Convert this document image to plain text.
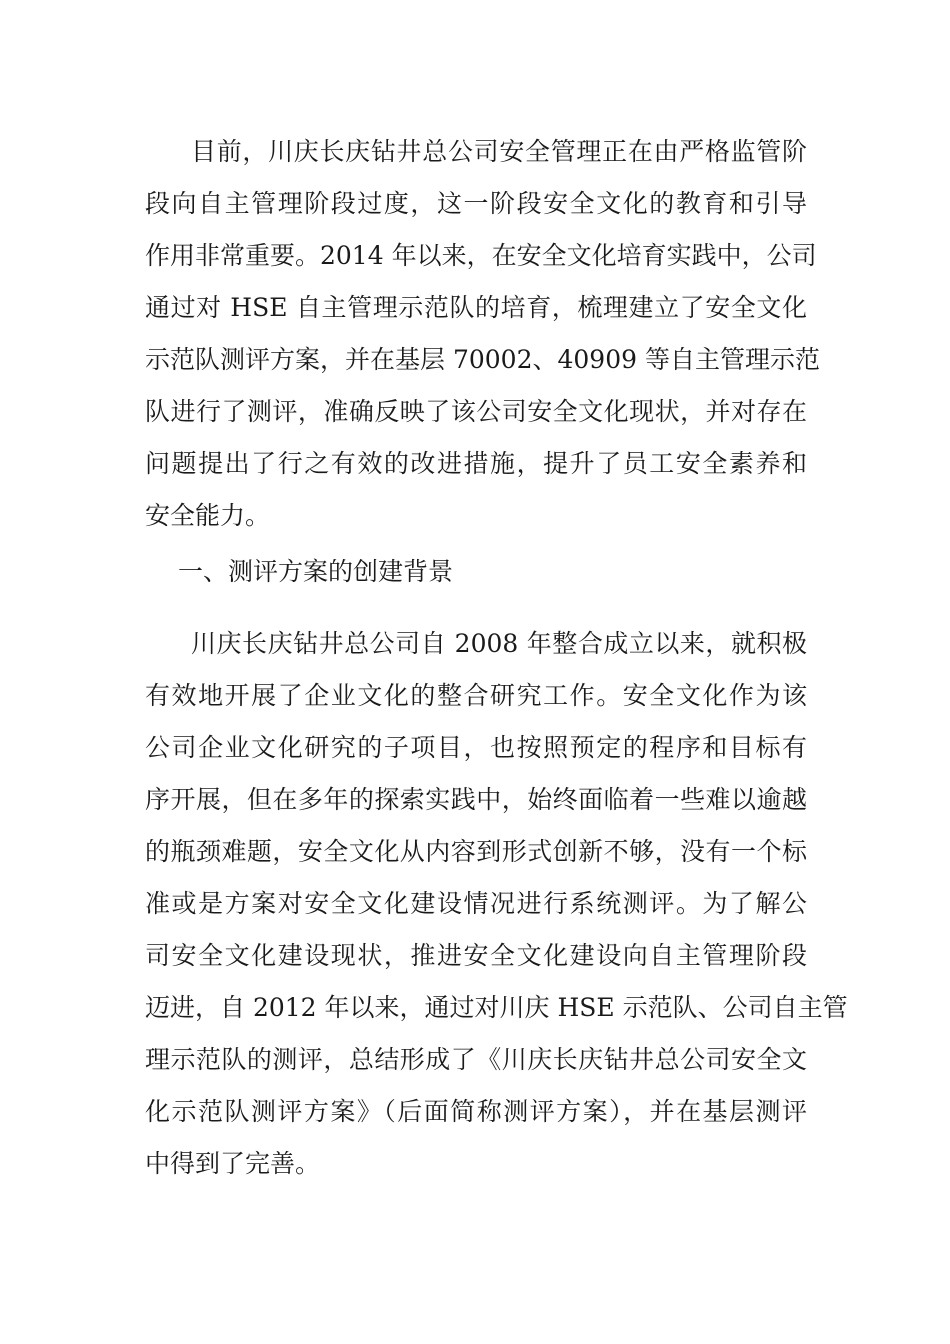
目前，川庆长庆钻井总公司安全管理正在由严格监管阶
段向自主管理阶段过度，这一阶段安全文化的教育和引导
作用非常重要。2014 年以来，在安全文化培育实践中，公司
通过对 HSE 自主管理示范队的培育，梳理建立了安全文化
示范队测评方案，并在基层 70002、40909 等自主管理示范
队进行了测评，准确反映了该公司安全文化现状，并对存在
问题提出了行之有效的改进措施，提升了员工安全素养和
安全能力。
一、测评方案的创建背景
川庆长庆钻井总公司自 2008 年整合成立以来，就积极
有效地开展了企业文化的整合研究工作。安全文化作为该
公司企业文化研究的子项目，也按照预定的程序和目标有
序开展，但在多年的探索实践中，始终面临着一些难以逾越
的瓶颈难题，安全文化从内容到形式创新不够，没有一个标
准或是方案对安全文化建设情况进行系统测评。为了解公
司安全文化建设现状，推进安全文化建设向自主管理阶段
迈进，自 2012 年以来，通过对川庆 HSE 示范队、公司自主管
理示范队的测评，总结形成了《川庆长庆钻井总公司安全文
化示范队测评方案》（后面简称测评方案），并在基层测评
中得到了完善。
